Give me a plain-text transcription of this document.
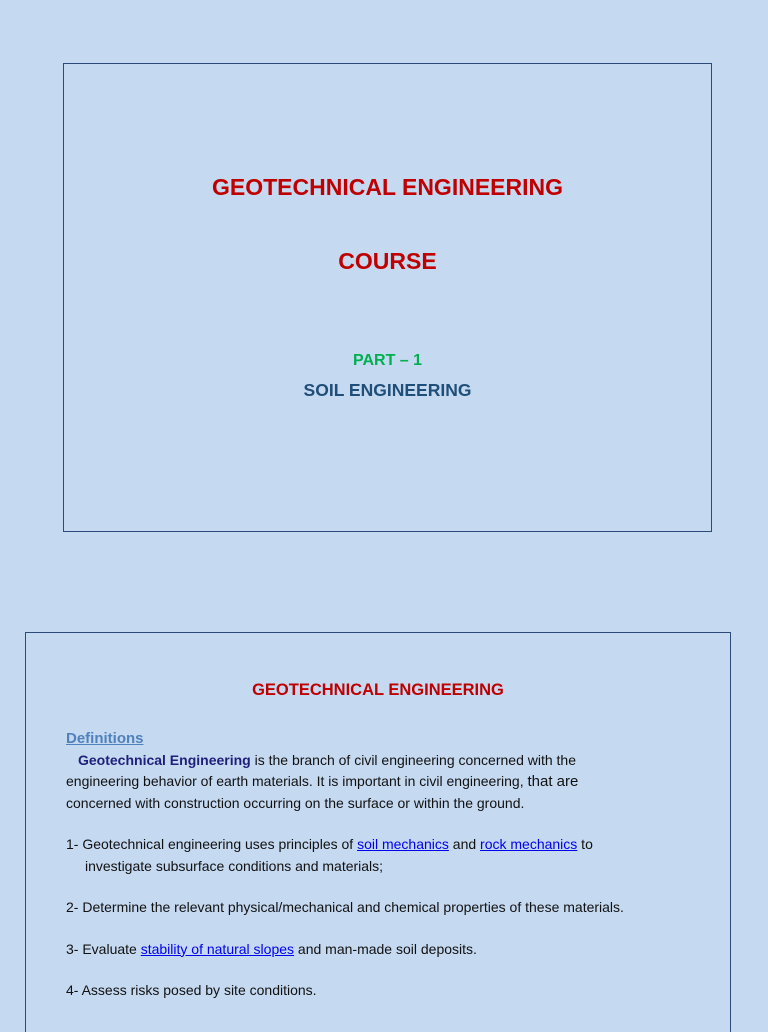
GEOTECHNICAL ENGINEERING
COURSE
PART – 1
SOIL ENGINEERING
GEOTECHNICAL ENGINEERING
Definitions
Geotechnical Engineering is the branch of civil engineering concerned with the
engineering behavior of earth materials. It is important in civil engineering, that are
concerned with construction occurring on the surface or within the ground.
1- Geotechnical engineering uses principles of soil mechanics and rock mechanics to
investigate subsurface conditions and materials;
2- Determine the relevant physical/mechanical and chemical properties of these materials.
3- Evaluate stability of natural slopes and man-made soil deposits.
4- Assess risks posed by site conditions.
